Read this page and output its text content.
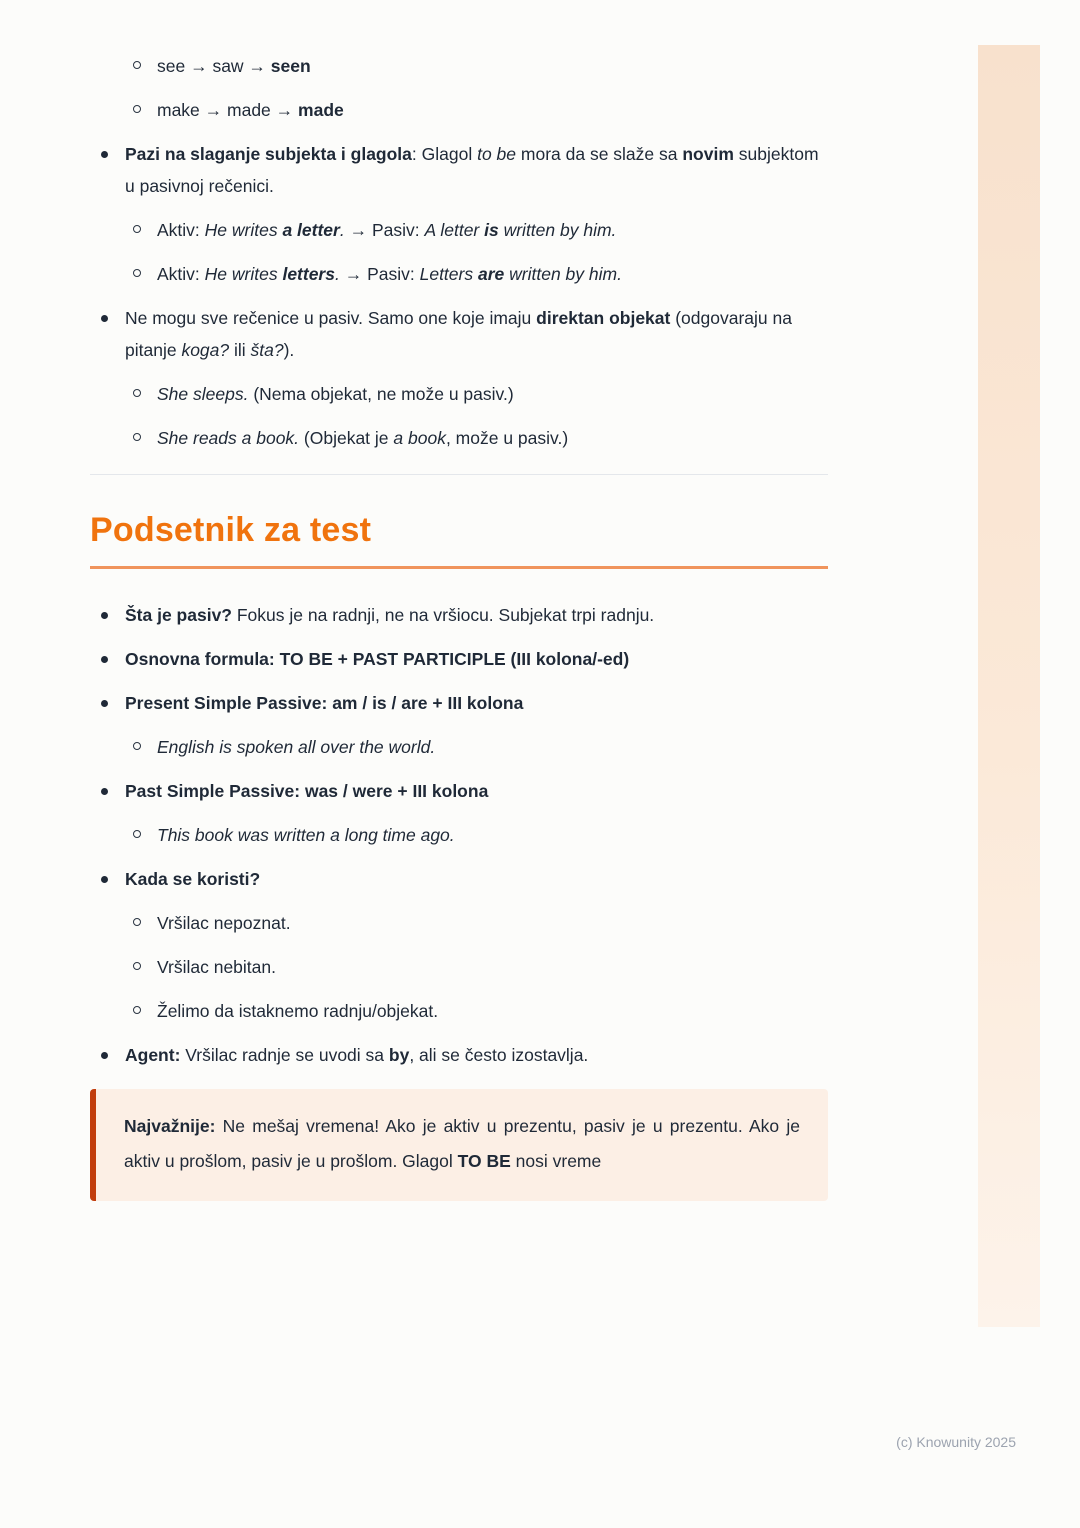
see → saw → seen
make → made → made
Pazi na slaganje subjekta i glagola: Glagol to be mora da se slaže sa novim subjektom u pasivnoj rečenici.
Aktiv: He writes a letter. → Pasiv: A letter is written by him.
Aktiv: He writes letters. → Pasiv: Letters are written by him.
Ne mogu sve rečenice u pasiv. Samo one koje imaju direktan objekat (odgovaraju na pitanje koga? ili šta?).
She sleeps. (Nema objekat, ne može u pasiv.)
She reads a book. (Objekat je a book, može u pasiv.)
Podsetnik za test
Šta je pasiv? Fokus je na radnji, ne na vršiocu. Subjekat trpi radnju.
Osnovna formula: TO BE + PAST PARTICIPLE (III kolona/-ed)
Present Simple Passive: am / is / are + III kolona
English is spoken all over the world.
Past Simple Passive: was / were + III kolona
This book was written a long time ago.
Kada se koristi?
Vršilac nepoznat.
Vršilac nebitan.
Želimo da istaknemo radnju/objekat.
Agent: Vršilac radnje se uvodi sa by, ali se često izostavlja.
Najvažnije: Ne mešaj vremena! Ako je aktiv u prezentu, pasiv je u prezentu. Ako je aktiv u prošlom, pasiv je u prošlom. Glagol TO BE nosi vreme
(c) Knowunity 2025
